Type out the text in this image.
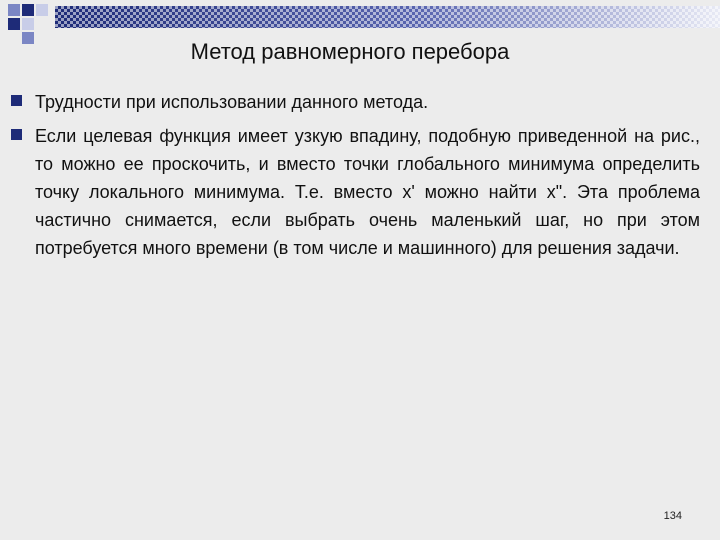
Метод равномерного перебора
Трудности при использовании данного метода.
Если целевая функция имеет узкую впадину, подобную приведенной на рис., то можно ее проскочить, и вместо точки глобального минимума определить точку локального минимума. Т.е. вместо x' можно найти x". Эта проблема частично снимается, если выбрать очень маленький шаг, но при этом потребуется много времени (в том числе и машинного) для решения задачи.
134
